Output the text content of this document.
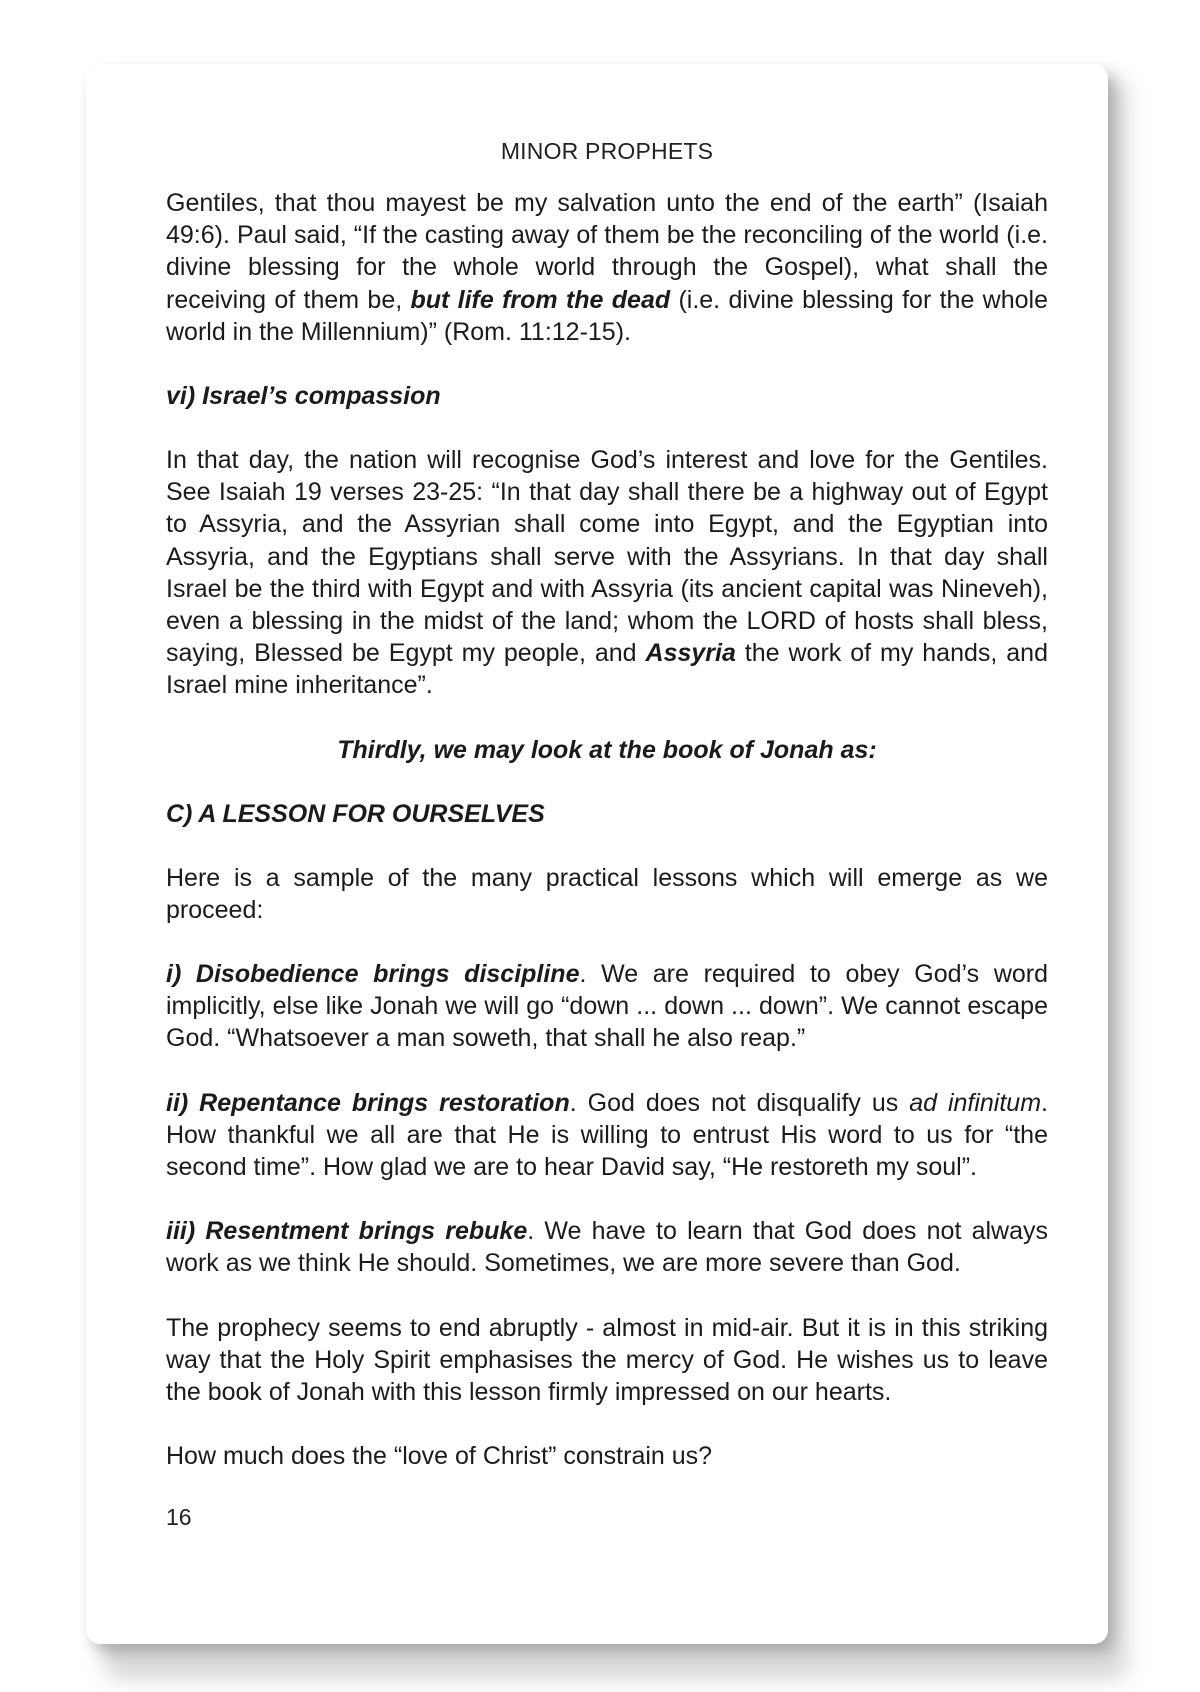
MINOR PROPHETS

Gentiles, that thou mayest be my salvation unto the end of the earth” (Isaiah 49:6). Paul said, “If the casting away of them be the reconciling of the world (i.e. divine blessing for the whole world through the Gospel), what shall the receiving of them be, but life from the dead (i.e. divine blessing for the whole world in the Millennium)” (Rom. 11:12-15).

vi) Israel’s compassion

In that day, the nation will recognise God’s interest and love for the Gentiles. See Isaiah 19 verses 23-25: “In that day shall there be a highway out of Egypt to Assyria, and the Assyrian shall come into Egypt, and the Egyptian into Assyria, and the Egyptians shall serve with the Assyrians. In that day shall Israel be the third with Egypt and with Assyria (its ancient capital was Nineveh), even a blessing in the midst of the land; whom the LORD of hosts shall bless, saying, Blessed be Egypt my people, and Assyria the work of my hands, and Israel mine inheritance”.

Thirdly, we may look at the book of Jonah as:
C) A LESSON FOR OURSELVES

Here is a sample of the many practical lessons which will emerge as we proceed:

i) Disobedience brings discipline. We are required to obey God’s word implicitly, else like Jonah we will go “down ... down ... down”. We cannot escape God. “Whatsoever a man soweth, that shall he also reap.”

ii) Repentance brings restoration. God does not disqualify us ad infinitum. How thankful we all are that He is willing to entrust His word to us for “the second time”. How glad we are to hear David say, “He restoreth my soul”.

iii) Resentment brings rebuke. We have to learn that God does not always work as we think He should. Sometimes, we are more severe than God.

The prophecy seems to end abruptly - almost in mid-air. But it is in this striking way that the Holy Spirit emphasises the mercy of God. He wishes us to leave the book of Jonah with this lesson firmly impressed on our hearts.

How much does the “love of Christ” constrain us?

16
